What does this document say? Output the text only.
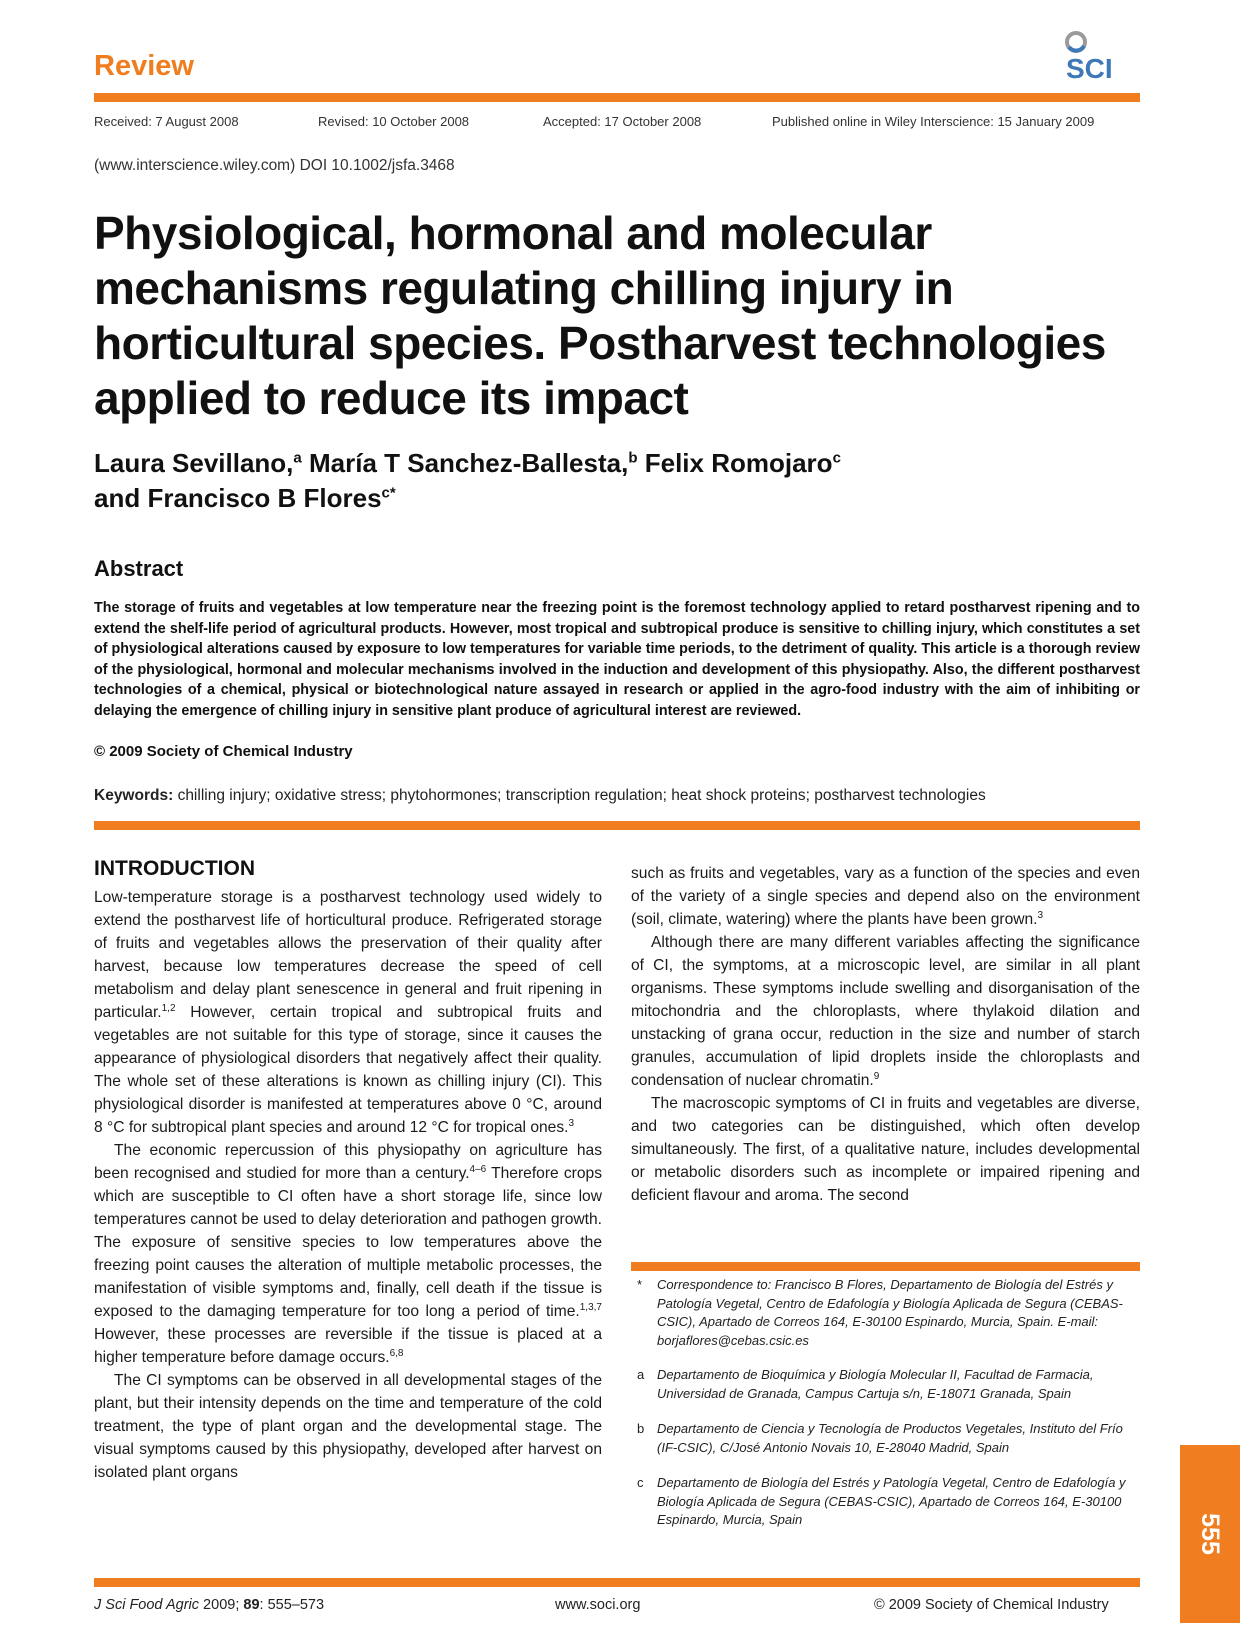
Review	SCI
Received: 7 August 2008	Revised: 10 October 2008	Accepted: 17 October 2008	Published online in Wiley Interscience: 15 January 2009
(www.interscience.wiley.com) DOI 10.1002/jsfa.3468
Physiological, hormonal and molecular mechanisms regulating chilling injury in horticultural species. Postharvest technologies applied to reduce its impact
Laura Sevillano,$^a$ María T Sanchez-Ballesta,$^b$ Felix Romojaro$^c$
and Francisco B Flores$^{c*}$
Abstract

The storage of fruits and vegetables at low temperature near the freezing point is the foremost technology applied to retard postharvest ripening and to extend the shelf-life period of agricultural products. However, most tropical and subtropical produce is sensitive to chilling injury, which constitutes a set of physiological alterations caused by exposure to low temperatures for variable time periods, to the detriment of quality. This article is a thorough review of the physiological, hormonal and molecular mechanisms involved in the induction and development of this physiopathy. Also, the different postharvest technologies of a chemical, physical or biotechnological nature assayed in research or applied in the agro-food industry with the aim of inhibiting or delaying the emergence of chilling injury in sensitive plant produce of agricultural interest are reviewed.

© 2009 Society of Chemical Industry
Keywords: chilling injury; oxidative stress; phytohormones; transcription regulation; heat shock proteins; postharvest technologies
INTRODUCTION

Low-temperature storage is a postharvest technology used widely to extend the postharvest life of horticultural produce. Refrigerated storage of fruits and vegetables allows the preservation of their quality after harvest, because low temperatures decrease the speed of cell metabolism and delay plant senescence in general and fruit ripening in particular.$^{1,2}$ However, certain tropical and subtropical fruits and vegetables are not suitable for this type of storage, since it causes the appearance of physiological disorders that negatively affect their quality. The whole set of these alterations is known as chilling injury (CI). This physiological disorder is manifested at temperatures above 0 °C, around 8 °C for subtropical plant species and around 12 °C for tropical ones.$^3$

The economic repercussion of this physiopathy on agriculture has been recognised and studied for more than a century.$^{4-6}$ Therefore crops which are susceptible to CI often have a short storage life, since low temperatures cannot be used to delay deterioration and pathogen growth. The exposure of sensitive species to low temperatures above the freezing point causes the alteration of multiple metabolic processes, the manifestation of visible symptoms and, finally, cell death if the tissue is exposed to the damaging temperature for too long a period of time.$^{1,3,7}$ However, these processes are reversible if the tissue is placed at a higher temperature before damage occurs.$^{6,8}$

The CI symptoms can be observed in all developmental stages of the plant, but their intensity depends on the time and temperature of the cold treatment, the type of plant organ and the developmental stage. The visual symptoms caused by this physiopathy, developed after harvest on isolated plant organs

such as fruits and vegetables, vary as a function of the species and even of the variety of a single species and depend also on the environment (soil, climate, watering) where the plants have been grown.$^3$

Although there are many different variables affecting the significance of CI, the symptoms, at a microscopic level, are similar in all plant organisms. These symptoms include swelling and disorganisation of the mitochondria and the chloroplasts, where thylakoid dilation and unstacking of grana occur, reduction in the size and number of starch granules, accumulation of lipid droplets inside the chloroplasts and condensation of nuclear chromatin.$^9$

The macroscopic symptoms of CI in fruits and vegetables are diverse, and two categories can be distinguished, which often develop simultaneously. The first, of a qualitative nature, includes developmental or metabolic disorders such as incomplete or impaired ripening and deficient flavour and aroma. The second

* Correspondence to: Francisco B Flores, Departamento de Biología del Estrés y Patología Vegetal, Centro de Edafología y Biología Aplicada de Segura (CEBAS-CSIC), Apartado de Correos 164, E-30100 Espinardo, Murcia, Spain. E-mail: borjaflores@cebas.csic.es
a Departamento de Bioquímica y Biología Molecular II, Facultad de Farmacia, Universidad de Granada, Campus Cartuja s/n, E-18071 Granada, Spain
b Departamento de Ciencia y Tecnología de Productos Vegetales, Instituto del Frío (IF-CSIC), C/José Antonio Novais 10, E-28040 Madrid, Spain
c Departamento de Biología del Estrés y Patología Vegetal, Centro de Edafología y Biología Aplicada de Segura (CEBAS-CSIC), Apartado de Correos 164, E-30100 Espinardo, Murcia, Spain	555
J Sci Food Agric 2009; 89: 555–573	www.soci.org	© 2009 Society of Chemical Industry
